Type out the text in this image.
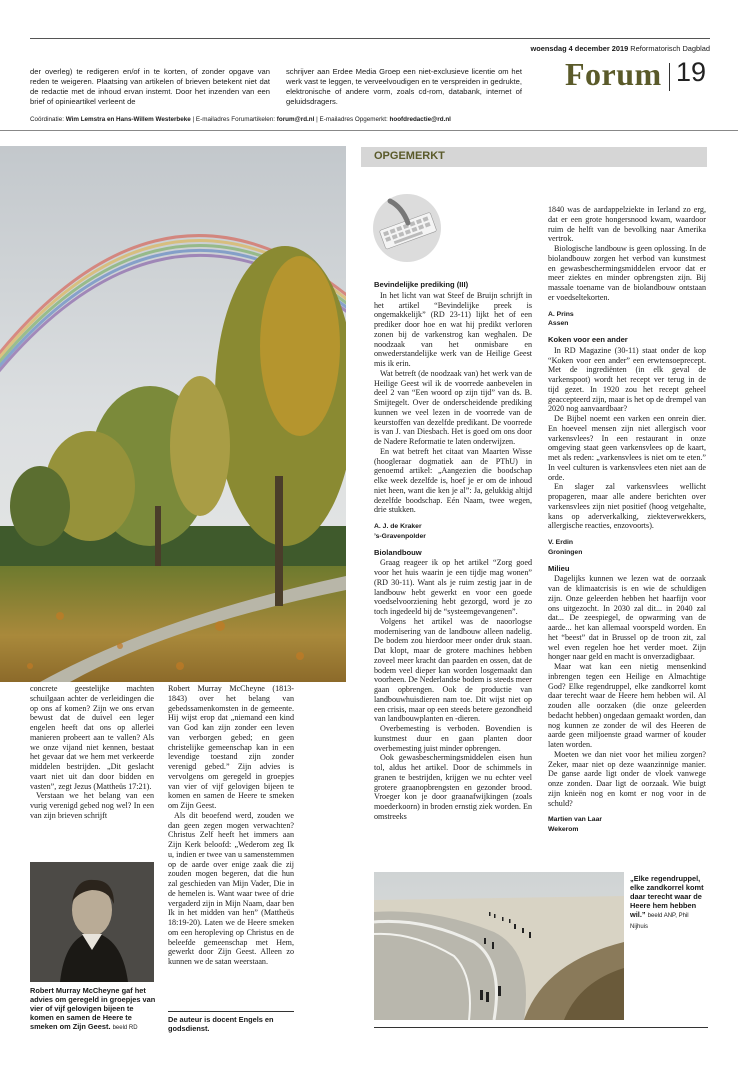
woensdag 4 december 2019 Reformatorisch Dagblad
Forum 19
der overleg) te redigeren en/of in te korten, of zonder opgave van reden te weigeren. Plaatsing van artikelen of brieven betekent niet dat de redactie met de inhoud ervan instemt. Door het inzenden van een brief of opinieartikel verleent de
schrijver aan Erdee Media Groep een niet-exclusieve licentie om het werk vast te leggen, te verveelvoudigen en te verspreiden in gedrukte, elektronische of andere vorm, zoals cd-rom, databank, internet of geluidsdragers.
Coördinatie: Wim Lemstra en Hans-Willem Westerbeke | E-mailadres Forumartikelen: forum@rd.nl | E-mailadres Opgemerkt: hoofdredactie@rd.nl

concrete geestelijke machten schuilgaan achter de verleidingen die op ons af komen? Zijn we ons ervan bewust dat de duivel een leger engelen heeft dat ons op allerlei manieren probeert aan te vallen? Als we onze vijand niet kennen, bestaat het gevaar dat we hem met verkeerde middelen bestrijden. „Dit geslacht vaart niet uit dan door bidden en vasten”, zegt Jezus (Mattheüs 17:21).

Verstaan we het belang van een vurig verenigd gebed nog wel? In een van zijn brieven schrijft

Robert Murray McCheyne gaf het advies om geregeld in groepjes van vier of vijf gelovigen bijeen te komen en samen de Heere te smeken om Zijn Geest. beeld RD

Robert Murray McCheyne (1813-1843) over het belang van gebedssamenkomsten in de gemeente. Hij wijst erop dat „niemand een kind van God kan zijn zonder een leven van verborgen gebed; en geen christelijke gemeenschap kan in een levendige toestand zijn zonder verenigd gebed.” Zijn advies is vervolgens om geregeld in groepjes van vier of vijf gelovigen bijeen te komen en samen de Heere te smeken om Zijn Geest.

Als dit beoefend werd, zouden we dan geen zegen mogen verwachten? Christus Zelf heeft het immers aan Zijn Kerk beloofd: „Wederom zeg Ik u, indien er twee van u samenstemmen op de aarde over enige zaak die zij zouden mogen begeren, dat die hun zal geschieden van Mijn Vader, Die in de hemelen is. Want waar twee of drie vergaderd zijn in Mijn Naam, daar ben Ik in het midden van hen” (Mattheüs 18:19-20). Laten we de Heere smeken om een heropleving op Christus en de beleefde gemeenschap met Hem, gewerkt door Zijn Geest. Alleen zo kunnen we de satan weerstaan.

De auteur is docent Engels en godsdienst.
OPGEMERKT
Bevindelijke prediking (III)

In het licht van wat Steef de Bruijn schrijft in het artikel “Bevindelijke preek is ongemakkelijk” (RD 23-11) lijkt het of een prediker door hoe en wat hij predikt verloren zonen bij de varkenstrog kan weghalen. De noodzaak van het onmisbare en onwederstandelijke werk van de Heilige Geest mis ik erin.

Wat betreft (de noodzaak van) het werk van de Heilige Geest wil ik de voorrede aanbevelen in deel 2 van “Een woord op zijn tijd” van ds. B. Smijtegelt. Over de onderscheidende prediking kunnen we veel lezen in de voorrede van de keurstoffen van dezelfde predikant. De voorrede is van J. van Diesbach. Het is goed om ons door de Nadere Reformatie te laten onderwijzen.

En wat betreft het citaat van Maarten Wisse (hoogleraar dogmatiek aan de PThU) in genoemd artikel: „Aangezien die boodschap elke week dezelfde is, hoef je er om de inhoud niet heen, want die ken je al”: Ja, gelukkig altijd dezelfde boodschap. Eén Naam, twee wegen, drie stukken.

A. J. de Kraker

’s-Gravenpolder

Biolandbouw

Graag reageer ik op het artikel “Zorg goed voor het huis waarin je een tijdje mag wonen” (RD 30-11). Want als je ruim zestig jaar in de landbouw hebt gewerkt en voor een goede voedselvoorziening hebt gezorgd, word je zo toch ingedeeld bij de “systeemgevangenen”.

Volgens het artikel was de naoorlogse modernisering van de landbouw alleen nadelig. De bodem zou hierdoor meer onder druk staan. Dat klopt, maar de grotere machines hebben zoveel meer kracht dan paarden en ossen, dat de bodem veel dieper kan worden losgemaakt dan voorheen. De Nederlandse bodem is steeds meer gaan opbrengen. Ook de productie van landbouwhuisdieren nam toe. Dit wijst niet op een crisis, maar op een steeds betere gezondheid van landbouwplanten en -dieren.

Overbemesting is verboden. Bovendien is kunstmest duur en gaan planten door overbemesting juist minder opbrengen.

Ook gewasbeschermingsmiddelen eisen hun tol, aldus het artikel. Door de schimmels in granen te bestrijden, krijgen we nu echter veel grotere graanopbrengsten en gezonder brood. Vroeger kon je door graanafwijkingen (zoals moederkoorn) in broden ernstig ziek worden. En omstreeks

1840 was de aardappelziekte in Ierland zo erg, dat er een grote hongersnood kwam, waardoor ruim de helft van de bevolking naar Amerika vertrok.

Biologische landbouw is geen oplossing. In de biolandbouw zorgen het verbod van kunstmest en gewasbeschermingsmiddelen ervoor dat er meer ziektes en minder opbrengsten zijn. Bij massale toename van de biolandbouw ontstaan er voedseltekorten.

A. Prins

Assen

Koken voor een ander

In RD Magazine (30-11) staat onder de kop “Koken voor een ander” een erwtensoeprecept. Met de ingrediënten (in elk geval de varkenspoot) wordt het recept ver terug in de tijd gezet. In 1920 zou het recept geheel geaccepteerd zijn, maar is het op de drempel van 2020 nog aanvaardbaar?

De Bijbel noemt een varken een onrein dier. En hoeveel mensen zijn niet allergisch voor varkensvlees? In een restaurant in onze omgeving staat geen varkensvlees op de kaart, met als reden: „varkensvlees is niet om te eten.” In veel culturen is varkensvlees eten niet aan de orde.

En slager zal varkensvlees wellicht propageren, maar alle andere berichten over varkensvlees zijn niet positief (hoog vetgehalte, kans op aderverkalking, ziekteverwekkers, allergische reacties, enzovoorts).

V. Erdin

Groningen

Milieu

Dagelijks kunnen we lezen wat de oorzaak van de klimaatcrisis is en wie de schuldigen zijn. Onze geleerden hebben het haarfijn voor ons uitgezocht. In 2030 zal dit... in 2040 zal dat... De zeespiegel, de opwarming van de aarde... het kan allemaal voorspeld worden. En het “beest” dat in Brussel op de troon zit, zal wel even regelen hoe het verder moet. Zijn honger naar geld en macht is onverzadigbaar.

Maar wat kan een nietig mensenkind inbrengen tegen een Heilige en Almachtige God? Elke regendruppel, elke zandkorrel komt daar terecht waar de Heere hem hebben wil. Al zouden alle oorzaken (die onze geleerden bedacht hebben) ongedaan gemaakt worden, dan nog kunnen ze zonder de wil des Heeren de aarde geen miljoenste graad warmer of kouder laten worden.

Moeten we dan niet voor het milieu zorgen? Zeker, maar niet op deze waanzinnige manier. De ganse aarde ligt onder de vloek vanwege onze zonden. Daar ligt de oorzaak. Wie buigt zijn knieën nog en komt er nog voor in de schuld?

Martien van Laar

Wekerom

„Elke regendruppel, elke zandkorrel komt daar terecht waar de Heere hem hebben wil.” beeld ANP, Phil Nijhuis
